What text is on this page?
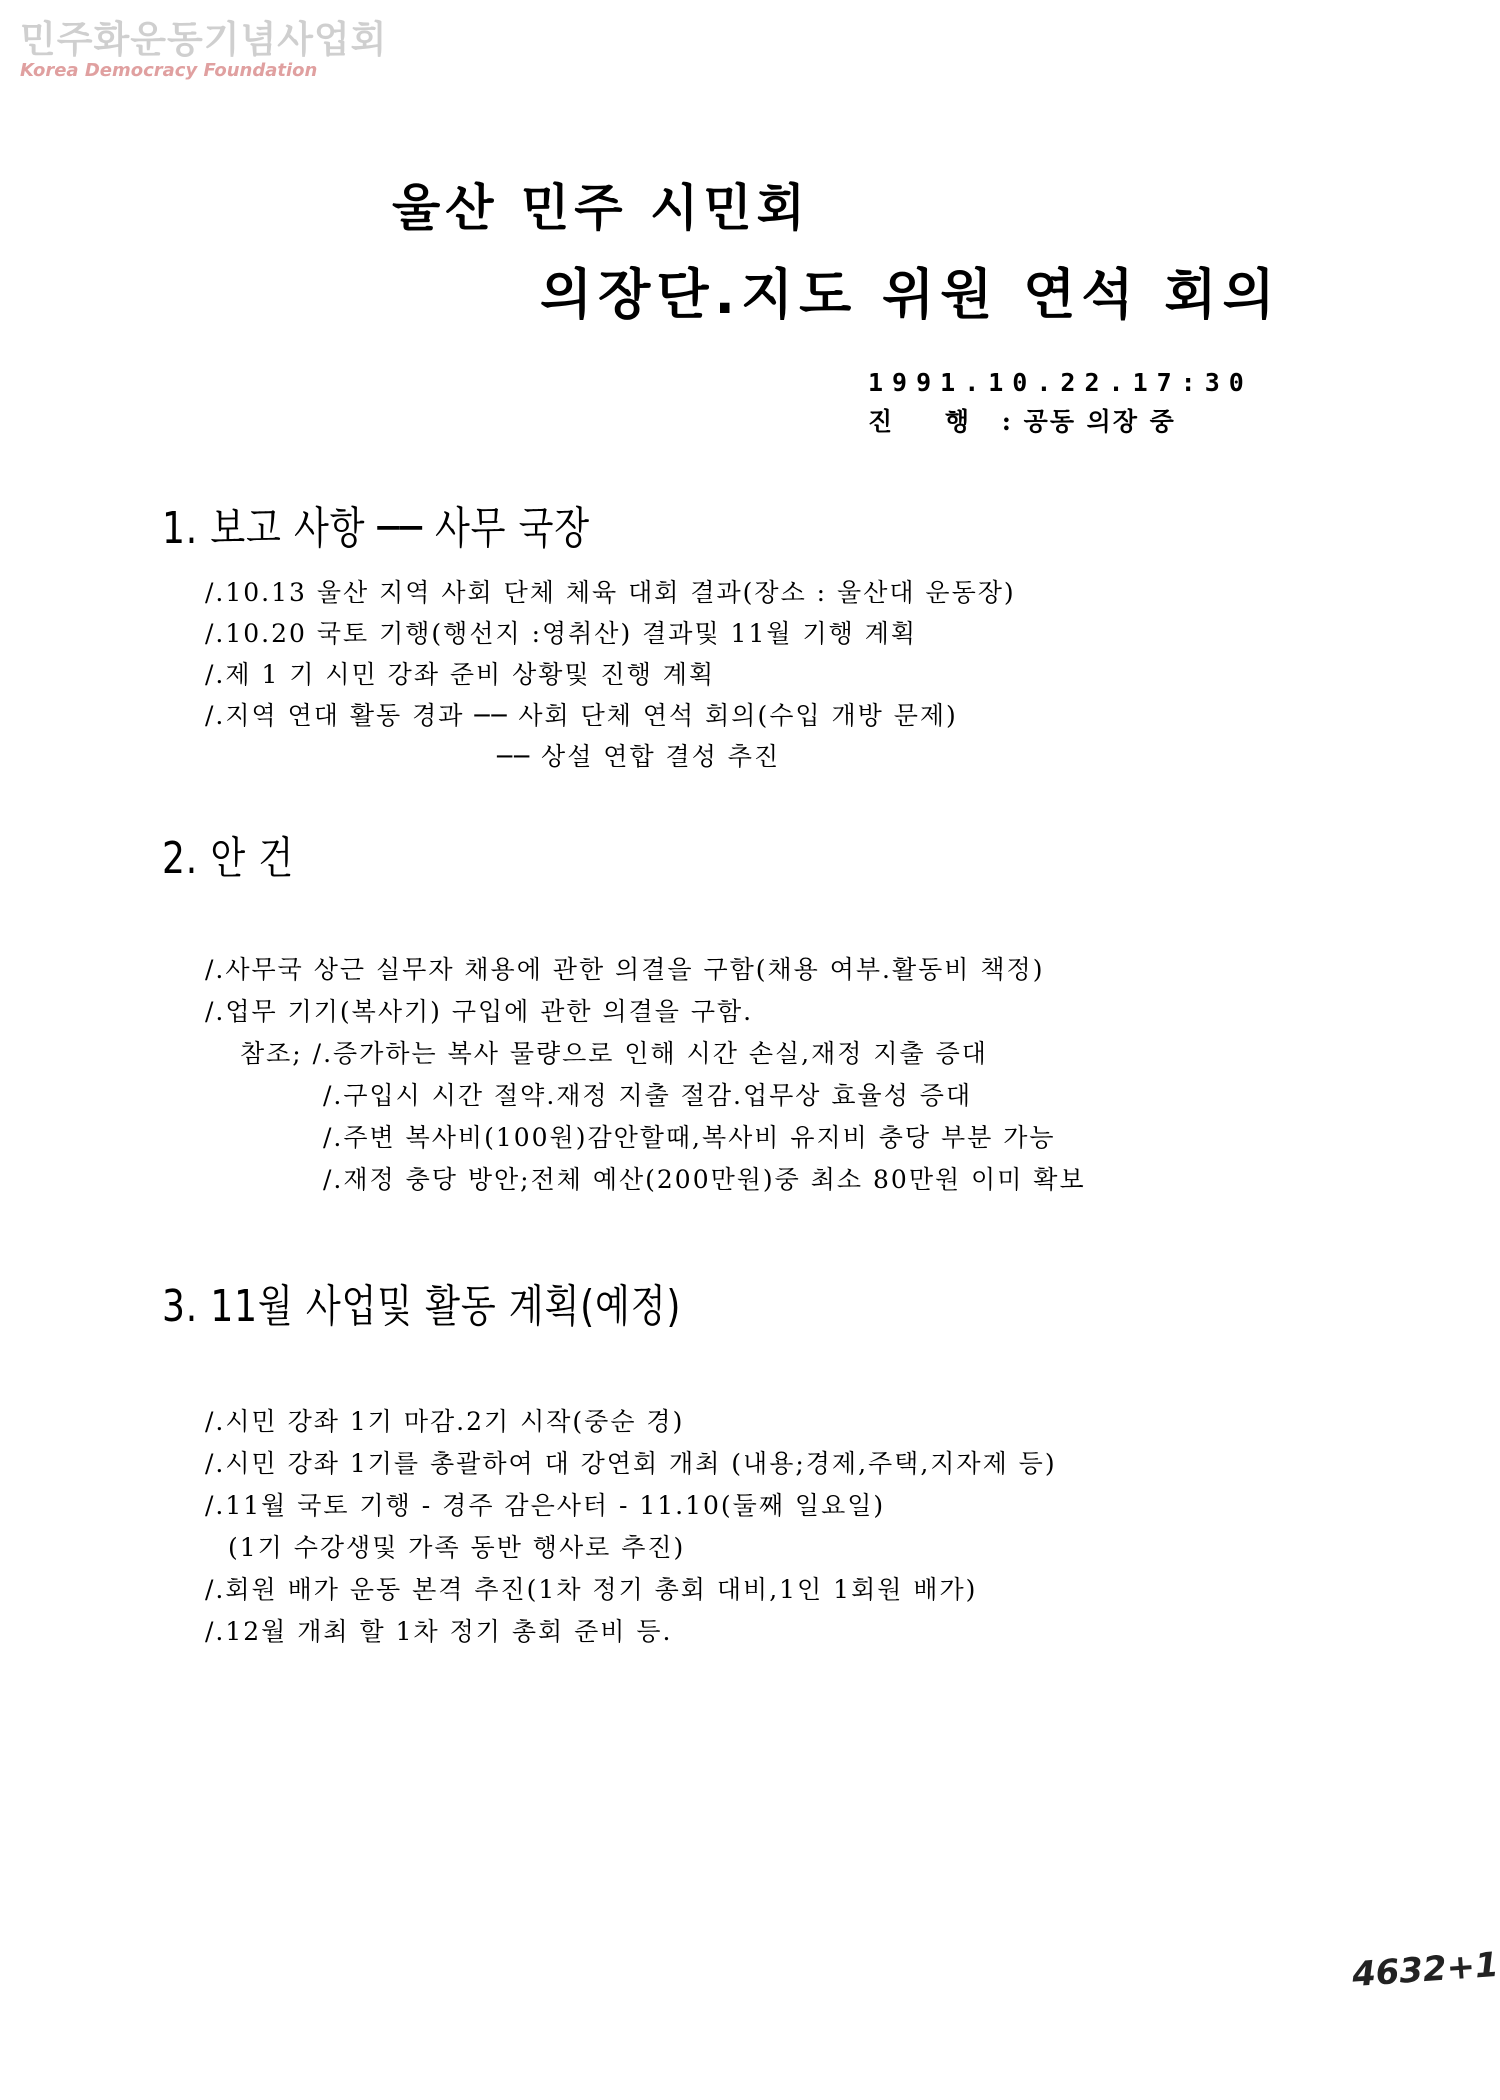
민주화운동기념사업회
Korea Democracy Foundation
울산 민주 시민회
의장단.지도 위원 연석 회의
1991.10.22.17:30
진 행 : 공동 의장 중
1. 보고 사항 ── 사무 국장
/.10.13 울산 지역 사회 단체 체육 대회 결과(장소 : 울산대 운동장)
/.10.20 국토 기행(행선지 :영취산) 결과및 11월 기행 계획
/.제 1 기 시민 강좌 준비 상황및 진행 계획
/.지역 연대 활동 경과 ── 사회 단체 연석 회의(수입 개방 문제)
── 상설 연합 결성 추진
2. 안 건
/.사무국 상근 실무자 채용에 관한 의결을 구함(채용 여부.활동비 책정)
/.업무 기기(복사기) 구입에 관한 의결을 구함.
참조; /.증가하는 복사 물량으로 인해 시간 손실,재정 지출 증대
/.구입시 시간 절약.재정 지출 절감.업무상 효율성 증대
/.주변 복사비(100원)감안할때,복사비 유지비 충당 부분 가능
/.재정 충당 방안;전체 예산(200만원)중 최소 80만원 이미 확보
3. 11월 사업및 활동 계획(예정)
/.시민 강좌 1기 마감.2기 시작(중순 경)
/.시민 강좌 1기를 총괄하여 대 강연회 개최 (내용;경제,주택,지자제 등)
/.11월 국토 기행 - 경주 감은사터 - 11.10(둘째 일요일)
(1기 수강생및 가족 동반 행사로 추진)
/.회원 배가 운동 본격 추진(1차 정기 총회 대비,1인 1회원 배가)
/.12월 개최 할 1차 정기 총회 준비 등.
4632+1
